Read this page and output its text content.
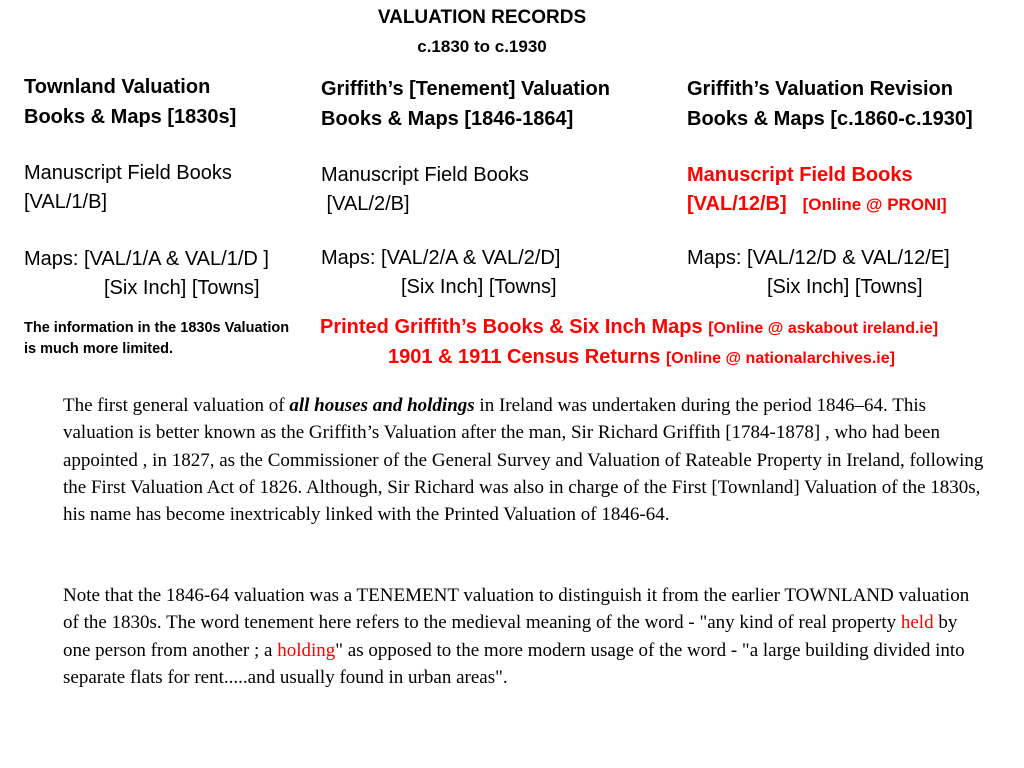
VALUATION RECORDS
c.1830 to c.1930
Townland Valuation
Books & Maps [1830s]
Manuscript Field Books
[VAL/1/B]
Maps: [VAL/1/A & VAL/1/D ]
[Six Inch] [Towns]
The information in the 1830s Valuation is much more limited.
Griffith’s [Tenement] Valuation
Books & Maps [1846-1864]
Manuscript Field Books
[VAL/2/B]
Maps: [VAL/2/A & VAL/2/D]
[Six Inch] [Towns]
Griffith’s Valuation Revision
Books & Maps [c.1860-c.1930]
Manuscript Field Books
[VAL/12/B] [Online @ PRONI]
Maps: [VAL/12/D & VAL/12/E]
[Six Inch] [Towns]
Printed Griffith’s Books & Six Inch Maps [Online @ askabout ireland.ie]
1901 & 1911 Census Returns [Online @ nationalarchives.ie]
The first general valuation of all houses and holdings in Ireland was undertaken during the period 1846–64. This valuation is better known as the Griffith’s Valuation after the man, Sir Richard Griffith [1784-1878] , who had been appointed , in 1827, as the Commissioner of the General Survey and Valuation of Rateable Property in Ireland, following the First Valuation Act of 1826. Although, Sir Richard was also in charge of the First [Townland] Valuation of the 1830s, his name has become inextricably linked with the Printed Valuation of 1846-64.
Note that the 1846-64 valuation was a TENEMENT valuation to distinguish it from the earlier TOWNLAND valuation of the 1830s. The word tenement here refers to the medieval meaning of the word - "any kind of real property held by one person from another ; a holding" as opposed to the more modern usage of the word - "a large building divided into separate flats for rent.....and usually found in urban areas".
